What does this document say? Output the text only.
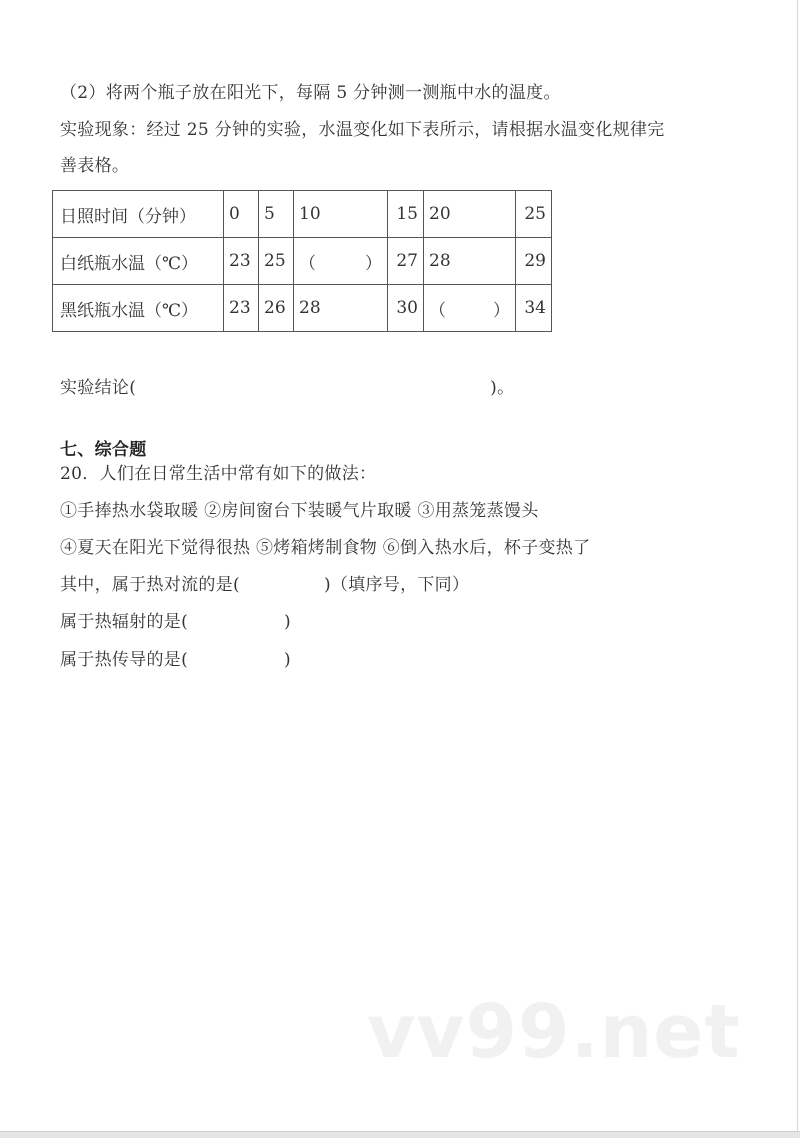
（2）将两个瓶子放在阳光下，每隔 5 分钟测一测瓶中水的温度。
实验现象：经过 25 分钟的实验，水温变化如下表所示，请根据水温变化规律完
善表格。
日照时间（分钟）	0	5	10	15	20	25
白纸瓶水温（℃）	23	25	（ ）	27	28	29
黑纸瓶水温（℃）	23	26	28	30	（ ）	34
实验结论(	)。
七、综合题
20．人们在日常生活中常有如下的做法：
①手捧热水袋取暖 ②房间窗台下装暖气片取暖 ③用蒸笼蒸馒头
④夏天在阳光下觉得很热 ⑤烤箱烤制食物 ⑥倒入热水后，杯子变热了
其中，属于热对流的是(	)（填序号，下同）
属于热辐射的是(	)
属于热传导的是(	)
vv99.net
